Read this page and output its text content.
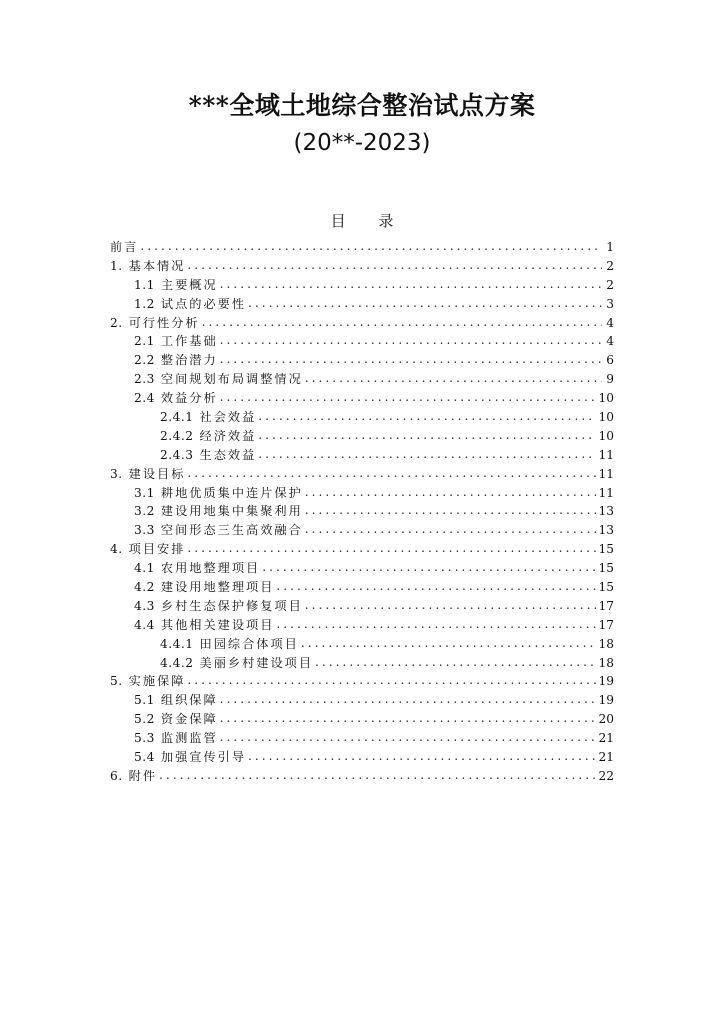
***全域土地综合整治试点方案
(20**-2023)
目 录
前言 .....	1
1. 基本情况 .....	2
1.1 主要概况 .....	2
1.2 试点的必要性 .....	3
2. 可行性分析 .....	4
2.1 工作基础 .....	4
2.2 整治潜力 .....	6
2.3 空间规划布局调整情况 .....	9
2.4 效益分析 .....	10
2.4.1 社会效益 .....	10
2.4.2 经济效益 .....	10
2.4.3 生态效益 .....	11
3. 建设目标 .....	11
3.1 耕地优质集中连片保护 .....	11
3.2 建设用地集中集聚利用 .....	13
3.3 空间形态三生高效融合 .....	13
4. 项目安排 .....	15
4.1 农用地整理项目 .....	15
4.2 建设用地整理项目 .....	15
4.3 乡村生态保护修复项目 .....	17
4.4 其他相关建设项目 .....	17
4.4.1 田园综合体项目 .....	18
4.4.2 美丽乡村建设项目 .....	18
5. 实施保障 .....	19
5.1 组织保障 .....	19
5.2 资金保障 .....	20
5.3 监测监管 .....	21
5.4 加强宣传引导 .....	21
6. 附件 .....	22
